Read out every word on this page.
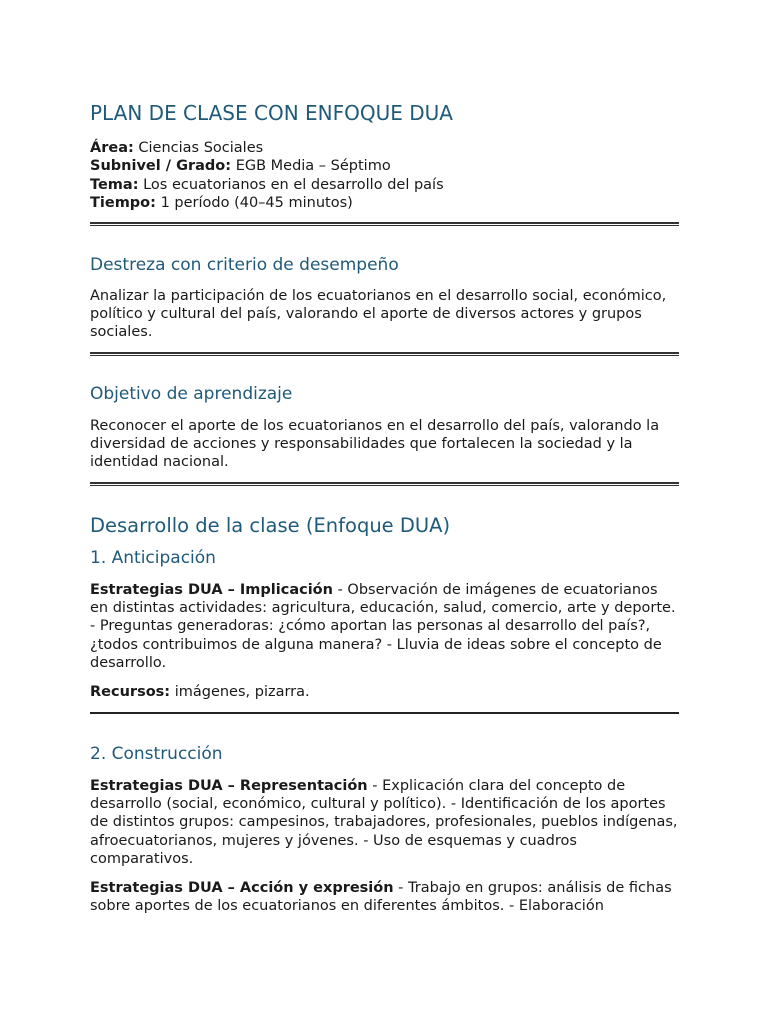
PLAN DE CLASE CON ENFOQUE DUA
Área: Ciencias Sociales
Subnivel / Grado: EGB Media – Séptimo
Tema: Los ecuatorianos en el desarrollo del país
Tiempo: 1 período (40–45 minutos)
Destreza con criterio de desempeño

Analizar la participación de los ecuatorianos en el desarrollo social, económico, político y cultural del país, valorando el aporte de diversos actores y grupos sociales.

Objetivo de aprendizaje

Reconocer el aporte de los ecuatorianos en el desarrollo del país, valorando la diversidad de acciones y responsabilidades que fortalecen la sociedad y la identidad nacional.

Desarrollo de la clase (Enfoque DUA)
1. Anticipación

Estrategias DUA – Implicación - Observación de imágenes de ecuatorianos en distintas actividades: agricultura, educación, salud, comercio, arte y deporte. - Preguntas generadoras: ¿cómo aportan las personas al desarrollo del país?, ¿todos contribuimos de alguna manera? - Lluvia de ideas sobre el concepto de desarrollo.

Recursos: imágenes, pizarra.

2. Construcción

Estrategias DUA – Representación - Explicación clara del concepto de desarrollo (social, económico, cultural y político). - Identificación de los aportes de distintos grupos: campesinos, trabajadores, profesionales, pueblos indígenas, afroecuatorianos, mujeres y jóvenes. - Uso de esquemas y cuadros comparativos.

Estrategias DUA – Acción y expresión - Trabajo en grupos: análisis de fichas sobre aportes de los ecuatorianos en diferentes ámbitos. - Elaboración
